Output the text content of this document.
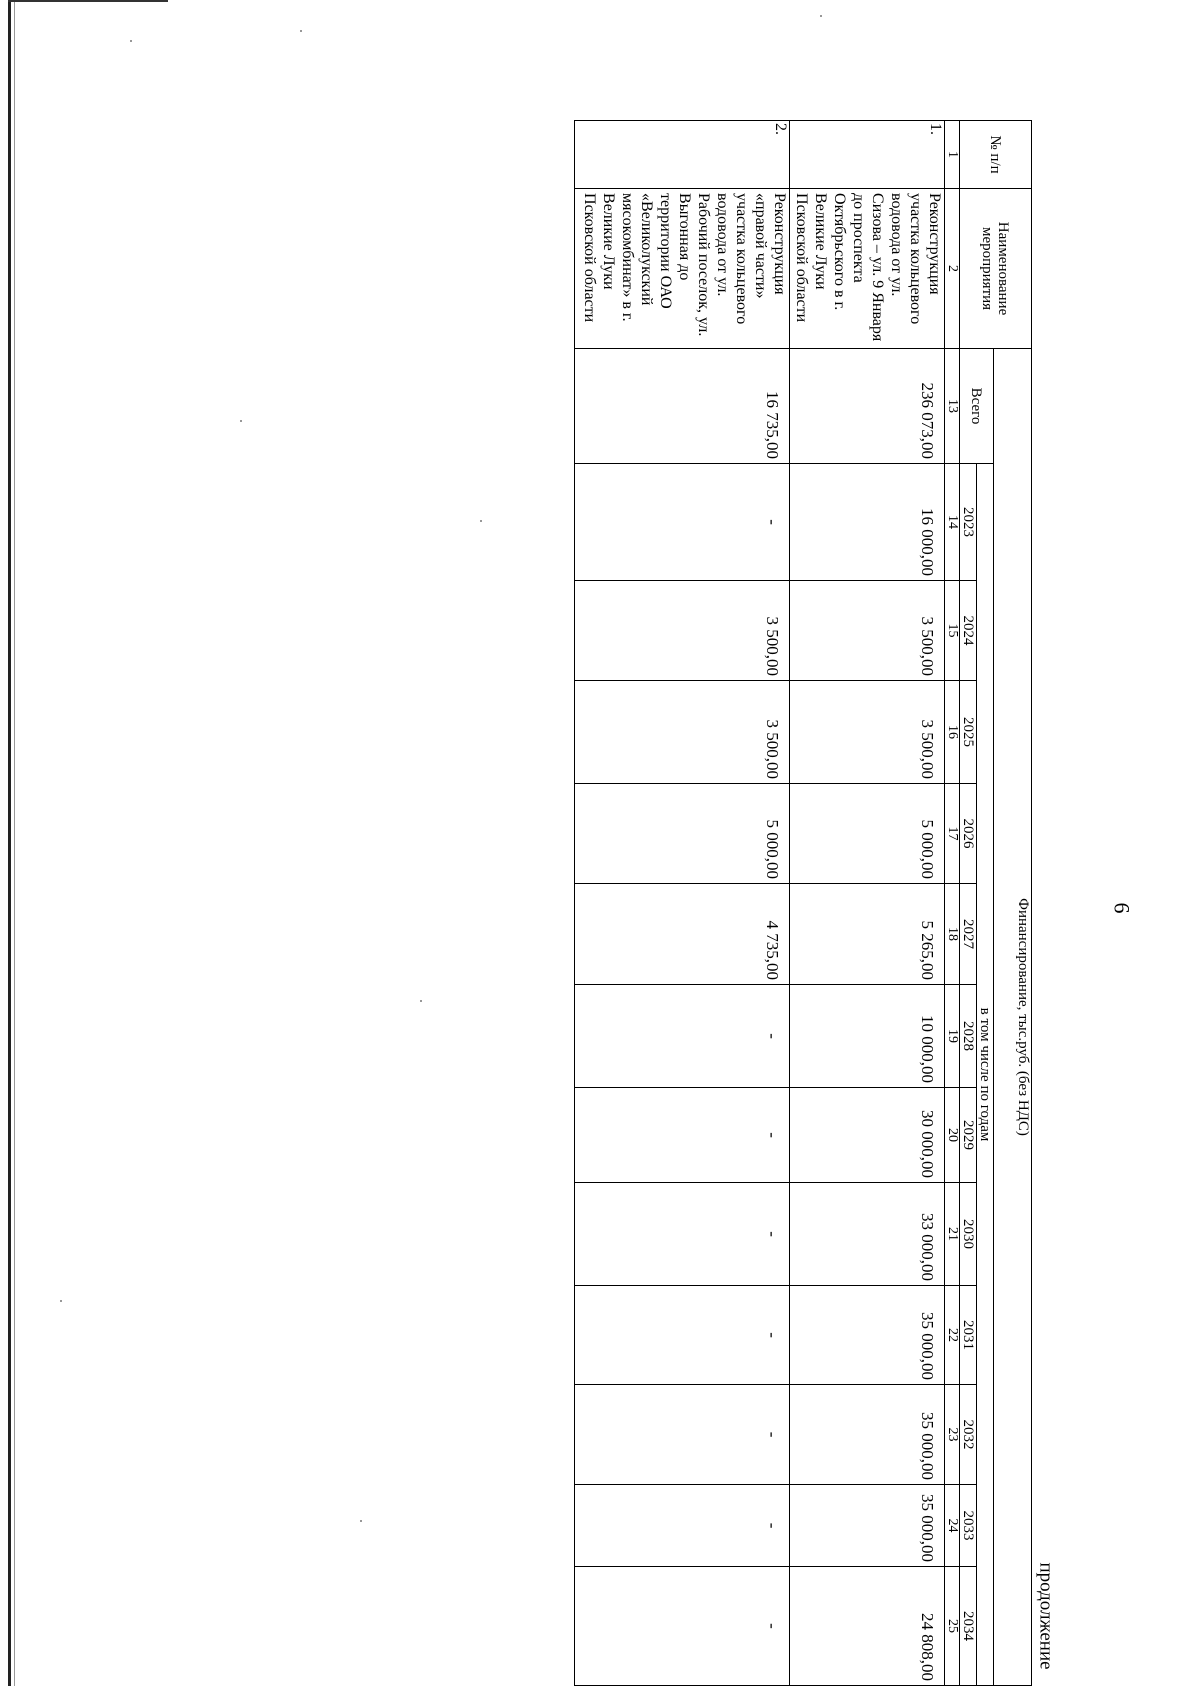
6
продолжение
№ п/п	Наименование мероприятия	Финансирование, тыс.руб. (без НДС)												
		Всего	в том числе по годам											
			2023	2024	2025	2026	2027	2028	2029	2030	2031	2032	2033	2034
1	2	13	14	15	16	17	18	19	20	21	22	23	24	25
1.	Реконструкция участка кольцевого водовода от ул. Сизова – ул. 9 Января до проспекта Октябрьского в г. Великие Луки Псковской области	236 073,00	16 000,00	3 500,00	3 500,00	5 000,00	5 265,00	10 000,00	30 000,00	33 000,00	35 000,00	35 000,00	35 000,00	24 808,00
2.	Реконструкция «правой части» участка кольцевого водовода от ул. Рабочий поселок, ул. Выгонная до территории ОАО «Великолукский мясокомбинат» в г. Великие Луки Псковской области	16 735,00	-	3 500,00	3 500,00	5 000,00	4 735,00	-	-	-	-	-	-	-
